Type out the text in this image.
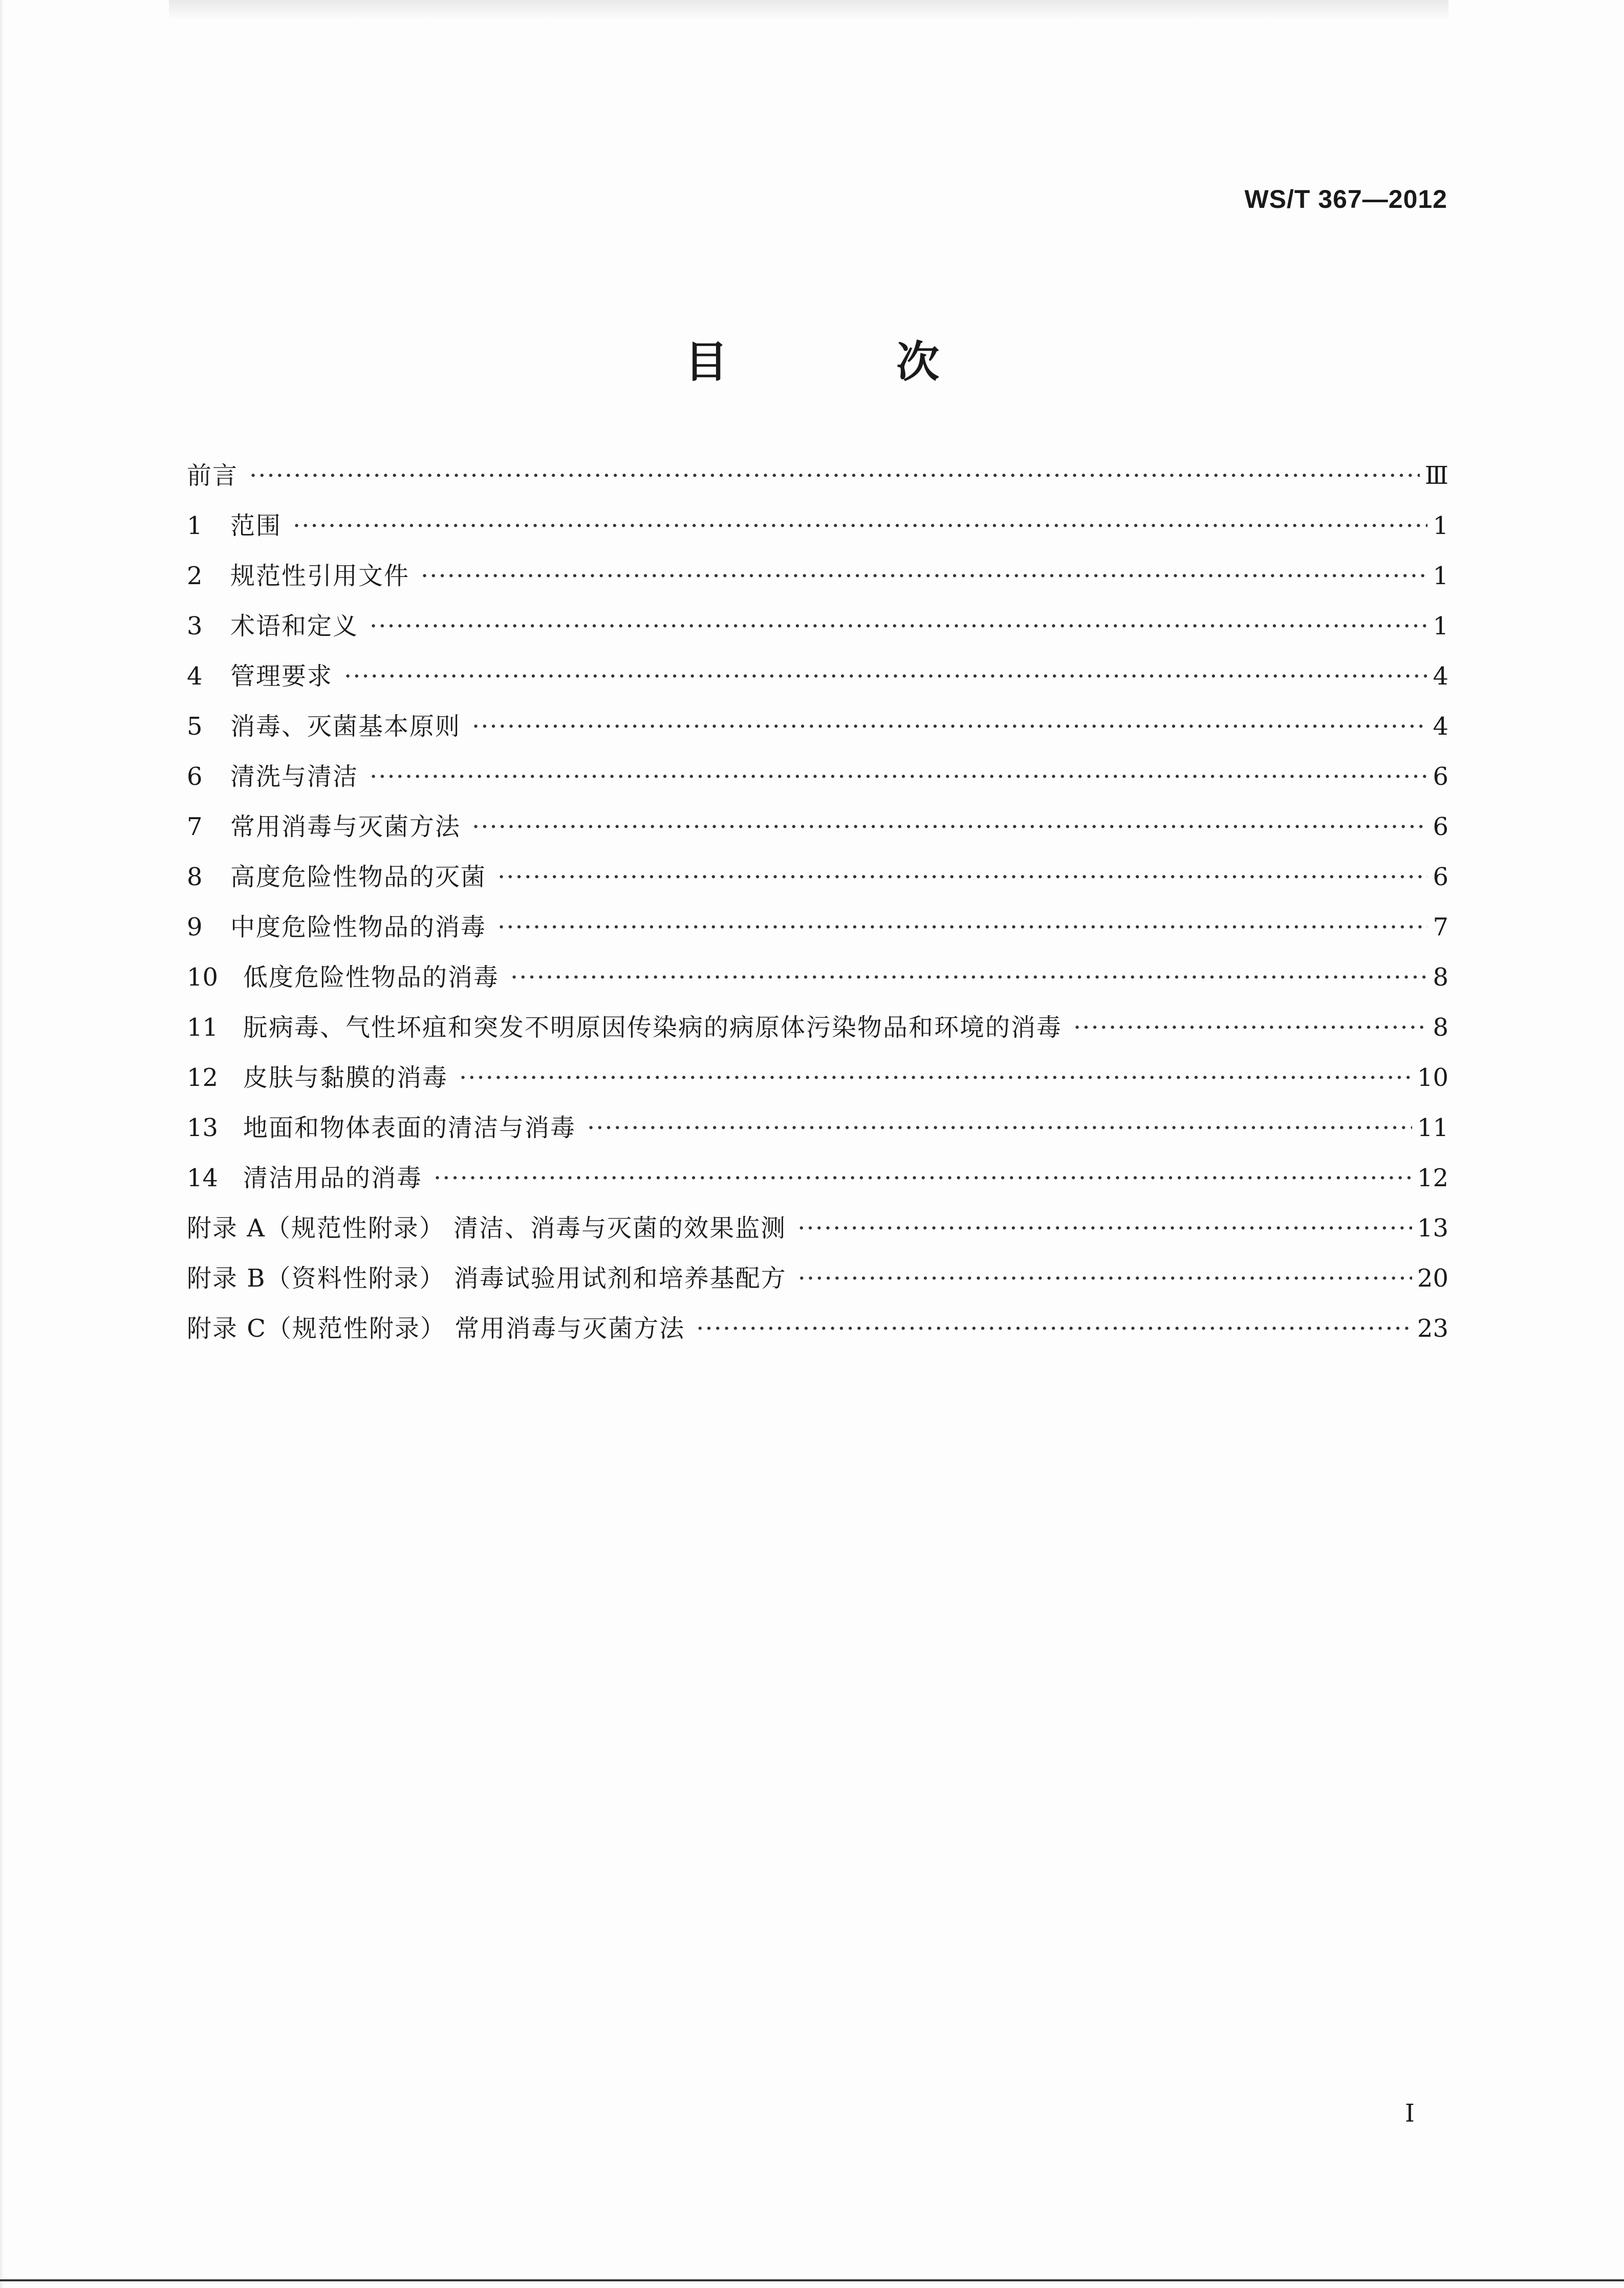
WS/T 367—2012
目 次
前言 ·····	Ⅲ
1	范围 ·····	1
2	规范性引用文件 ·····	1
3	术语和定义 ·····	1
4	管理要求 ·····	4
5	消毒、灭菌基本原则 ·····	4
6	清洗与清洁 ·····	6
7	常用消毒与灭菌方法 ·····	6
8	高度危险性物品的灭菌 ·····	6
9	中度危险性物品的消毒 ·····	7
10	低度危险性物品的消毒 ·····	8
11	朊病毒、气性坏疽和突发不明原因传染病的病原体污染物品和环境的消毒 ·····	8
12	皮肤与黏膜的消毒 ·····	10
13	地面和物体表面的清洁与消毒 ·····	11
14	清洁用品的消毒 ·····	12
附录 A（规范性附录） 清洁、消毒与灭菌的效果监测 ·····	13
附录 B（资料性附录） 消毒试验用试剂和培养基配方 ·····	20
附录 C（规范性附录） 常用消毒与灭菌方法 ·····	23
I
